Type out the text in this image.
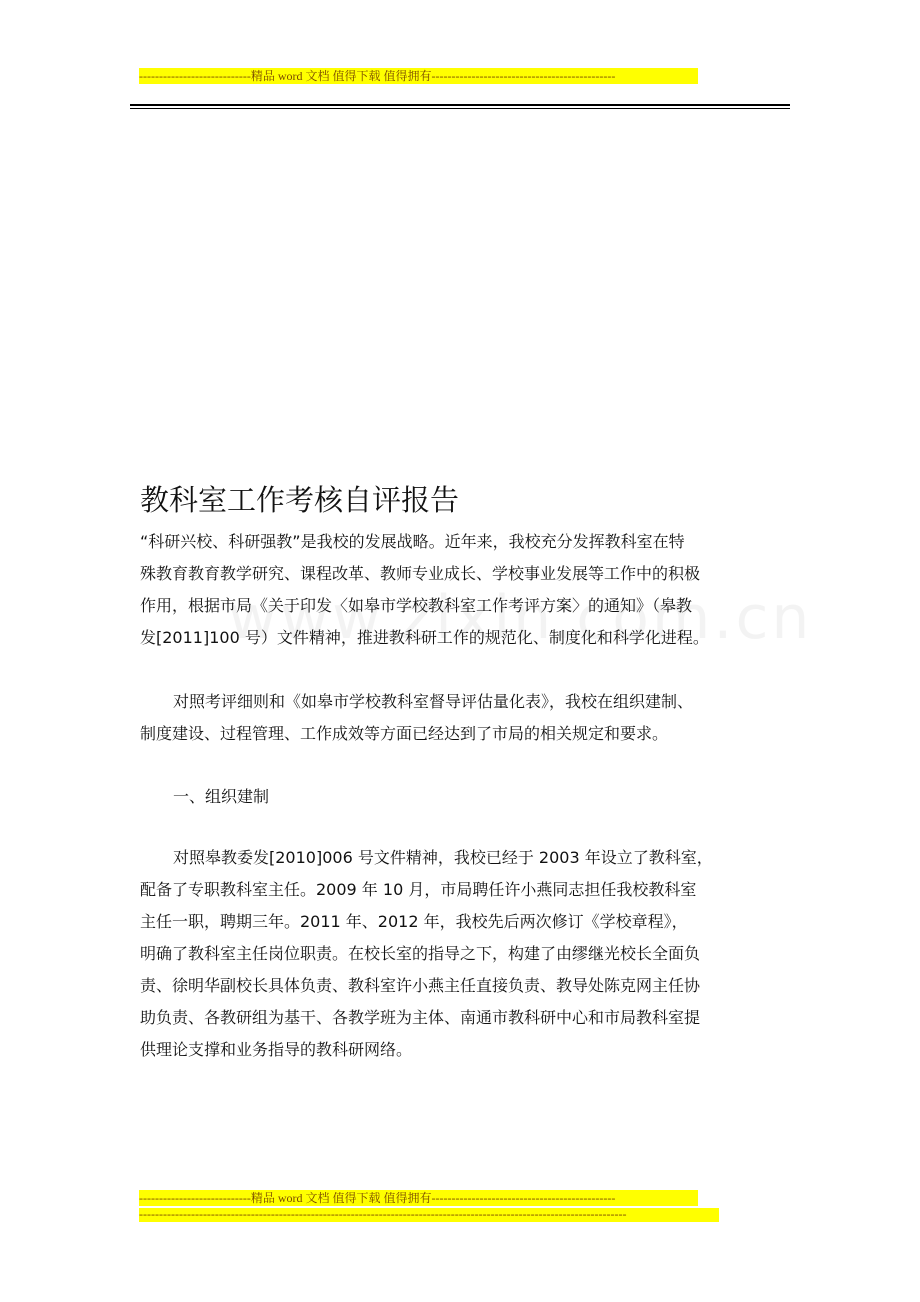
----------------------------精品 word 文档 值得下载 值得拥有----------------------------------------------
教科室工作考核自评报告
“科研兴校、科研强教”是我校的发展战略。近年来，我校充分发挥教科室在特
殊教育教育教学研究、课程改革、教师专业成长、学校事业发展等工作中的积极
作用，根据市局《关于印发〈如皋市学校教科室工作考评方案〉的通知》（皋教
发[2011]100 号）文件精神，推进教科研工作的规范化、制度化和科学化进程。
对照考评细则和《如皋市学校教科室督导评估量化表》，我校在组织建制、
制度建设、过程管理、工作成效等方面已经达到了市局的相关规定和要求。
一、组织建制
对照皋教委发[2010]006 号文件精神，我校已经于 2003 年设立了教科室，
配备了专职教科室主任。2009 年 10 月，市局聘任许小燕同志担任我校教科室
主任一职，聘期三年。2011 年、2012 年，我校先后两次修订《学校章程》，
明确了教科室主任岗位职责。在校长室的指导之下，构建了由缪继光校长全面负
责、徐明华副校长具体负责、教科室许小燕主任直接负责、教导处陈克网主任协
助负责、各教研组为基干、各教学班为主体、南通市教科研中心和市局教科室提
供理论支撑和业务指导的教科研网络。
----------------------------精品 word 文档 值得下载 值得拥有----------------------------------------------
--------------------------------------------------------------------------------------------------------------------------
